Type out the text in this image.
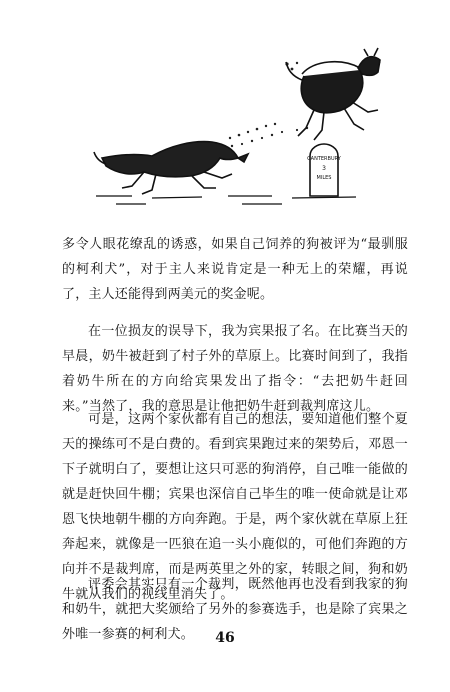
CANTERBURY
3
MILES

多令人眼花缭乱的诱惑，如果自己饲养的狗被评为“最驯服的柯利犬”，对于主人来说肯定是一种无上的荣耀，再说了，主人还能得到两美元的奖金呢。

在一位损友的误导下，我为宾果报了名。在比赛当天的早晨，奶牛被赶到了村子外的草原上。比赛时间到了，我指着奶牛所在的方向给宾果发出了指令：“去把奶牛赶回来。”当然了，我的意思是让他把奶牛赶到裁判席这儿。

可是，这两个家伙都有自己的想法，要知道他们整个夏天的操练可不是白费的。看到宾果跑过来的架势后，邓恩一下子就明白了，要想让这只可恶的狗消停，自己唯一能做的就是赶快回牛棚；宾果也深信自己毕生的唯一使命就是让邓恩飞快地朝牛棚的方向奔跑。于是，两个家伙就在草原上狂奔起来，就像是一匹狼在追一头小鹿似的，可他们奔跑的方向并不是裁判席，而是两英里之外的家，转眼之间，狗和奶牛就从我们的视线里消失了。

评委会其实只有一个裁判，既然他再也没看到我家的狗和奶牛，就把大奖颁给了另外的参赛选手，也是除了宾果之外唯一参赛的柯利犬。	46
